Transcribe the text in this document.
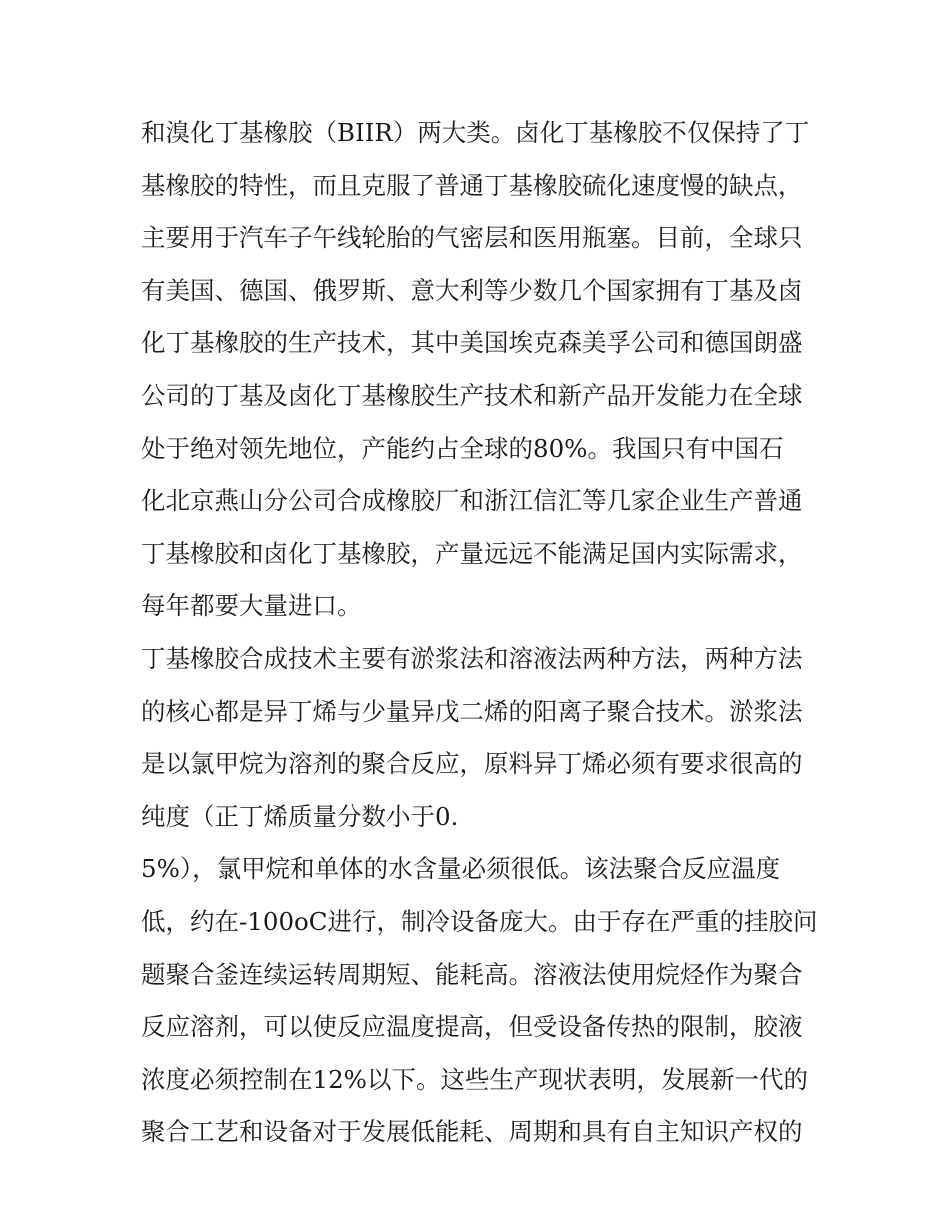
和溴化丁基橡胶（BIIR）两大类。卤化丁基橡胶不仅保持了丁
基橡胶的特性，而且克服了普通丁基橡胶硫化速度慢的缺点，
主要用于汽车子午线轮胎的气密层和医用瓶塞。目前，全球只
有美国、德国、俄罗斯、意大利等少数几个国家拥有丁基及卤
化丁基橡胶的生产技术，其中美国埃克森美孚公司和德国朗盛
公司的丁基及卤化丁基橡胶生产技术和新产品开发能力在全球
处于绝对领先地位，产能约占全球的80%。我国只有中国石
化北京燕山分公司合成橡胶厂和浙江信汇等几家企业生产普通
丁基橡胶和卤化丁基橡胶，产量远远不能满足国内实际需求，
每年都要大量进口。
丁基橡胶合成技术主要有淤浆法和溶液法两种方法，两种方法
的核心都是异丁烯与少量异戊二烯的阳离子聚合技术。淤浆法
是以氯甲烷为溶剂的聚合反应，原料异丁烯必须有要求很高的
纯度（正丁烯质量分数小于0.
5%），氯甲烷和单体的水含量必须很低。该法聚合反应温度
低，约在-100oC进行，制冷设备庞大。由于存在严重的挂胶问
题聚合釜连续运转周期短、能耗高。溶液法使用烷烃作为聚合
反应溶剂，可以使反应温度提高，但受设备传热的限制，胶液
浓度必须控制在12%以下。这些生产现状表明，发展新一代的
聚合工艺和设备对于发展低能耗、周期和具有自主知识产权的
